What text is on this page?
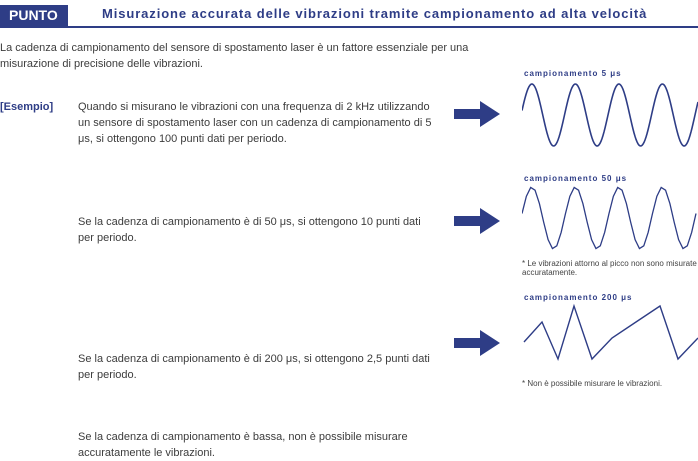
PUNTO	Misurazione accurata delle vibrazioni tramite campionamento ad alta velocità
La cadenza di campionamento del sensore di spostamento laser è un fattore essenziale per una misurazione di precisione delle vibrazioni.
[Esempio] Quando si misurano le vibrazioni con una frequenza di 2 kHz utilizzando un sensore di spostamento laser con un cadenza di campionamento di 5 μs, si ottengono 100 punti dati per periodo.
Se la cadenza di campionamento è di 50 μs, si ottengono 10 punti dati per periodo.
Se la cadenza di campionamento è di 200 μs, si ottengono 2,5 punti dati per periodo.
Se la cadenza di campionamento è bassa, non è possibile misurare accuratamente le vibrazioni.
campionamento 5 μs
campionamento 50 μs
* Le vibrazioni attorno al picco non sono misurate accuratamente.
campionamento 200 μs
* Non è possibile misurare le vibrazioni.
